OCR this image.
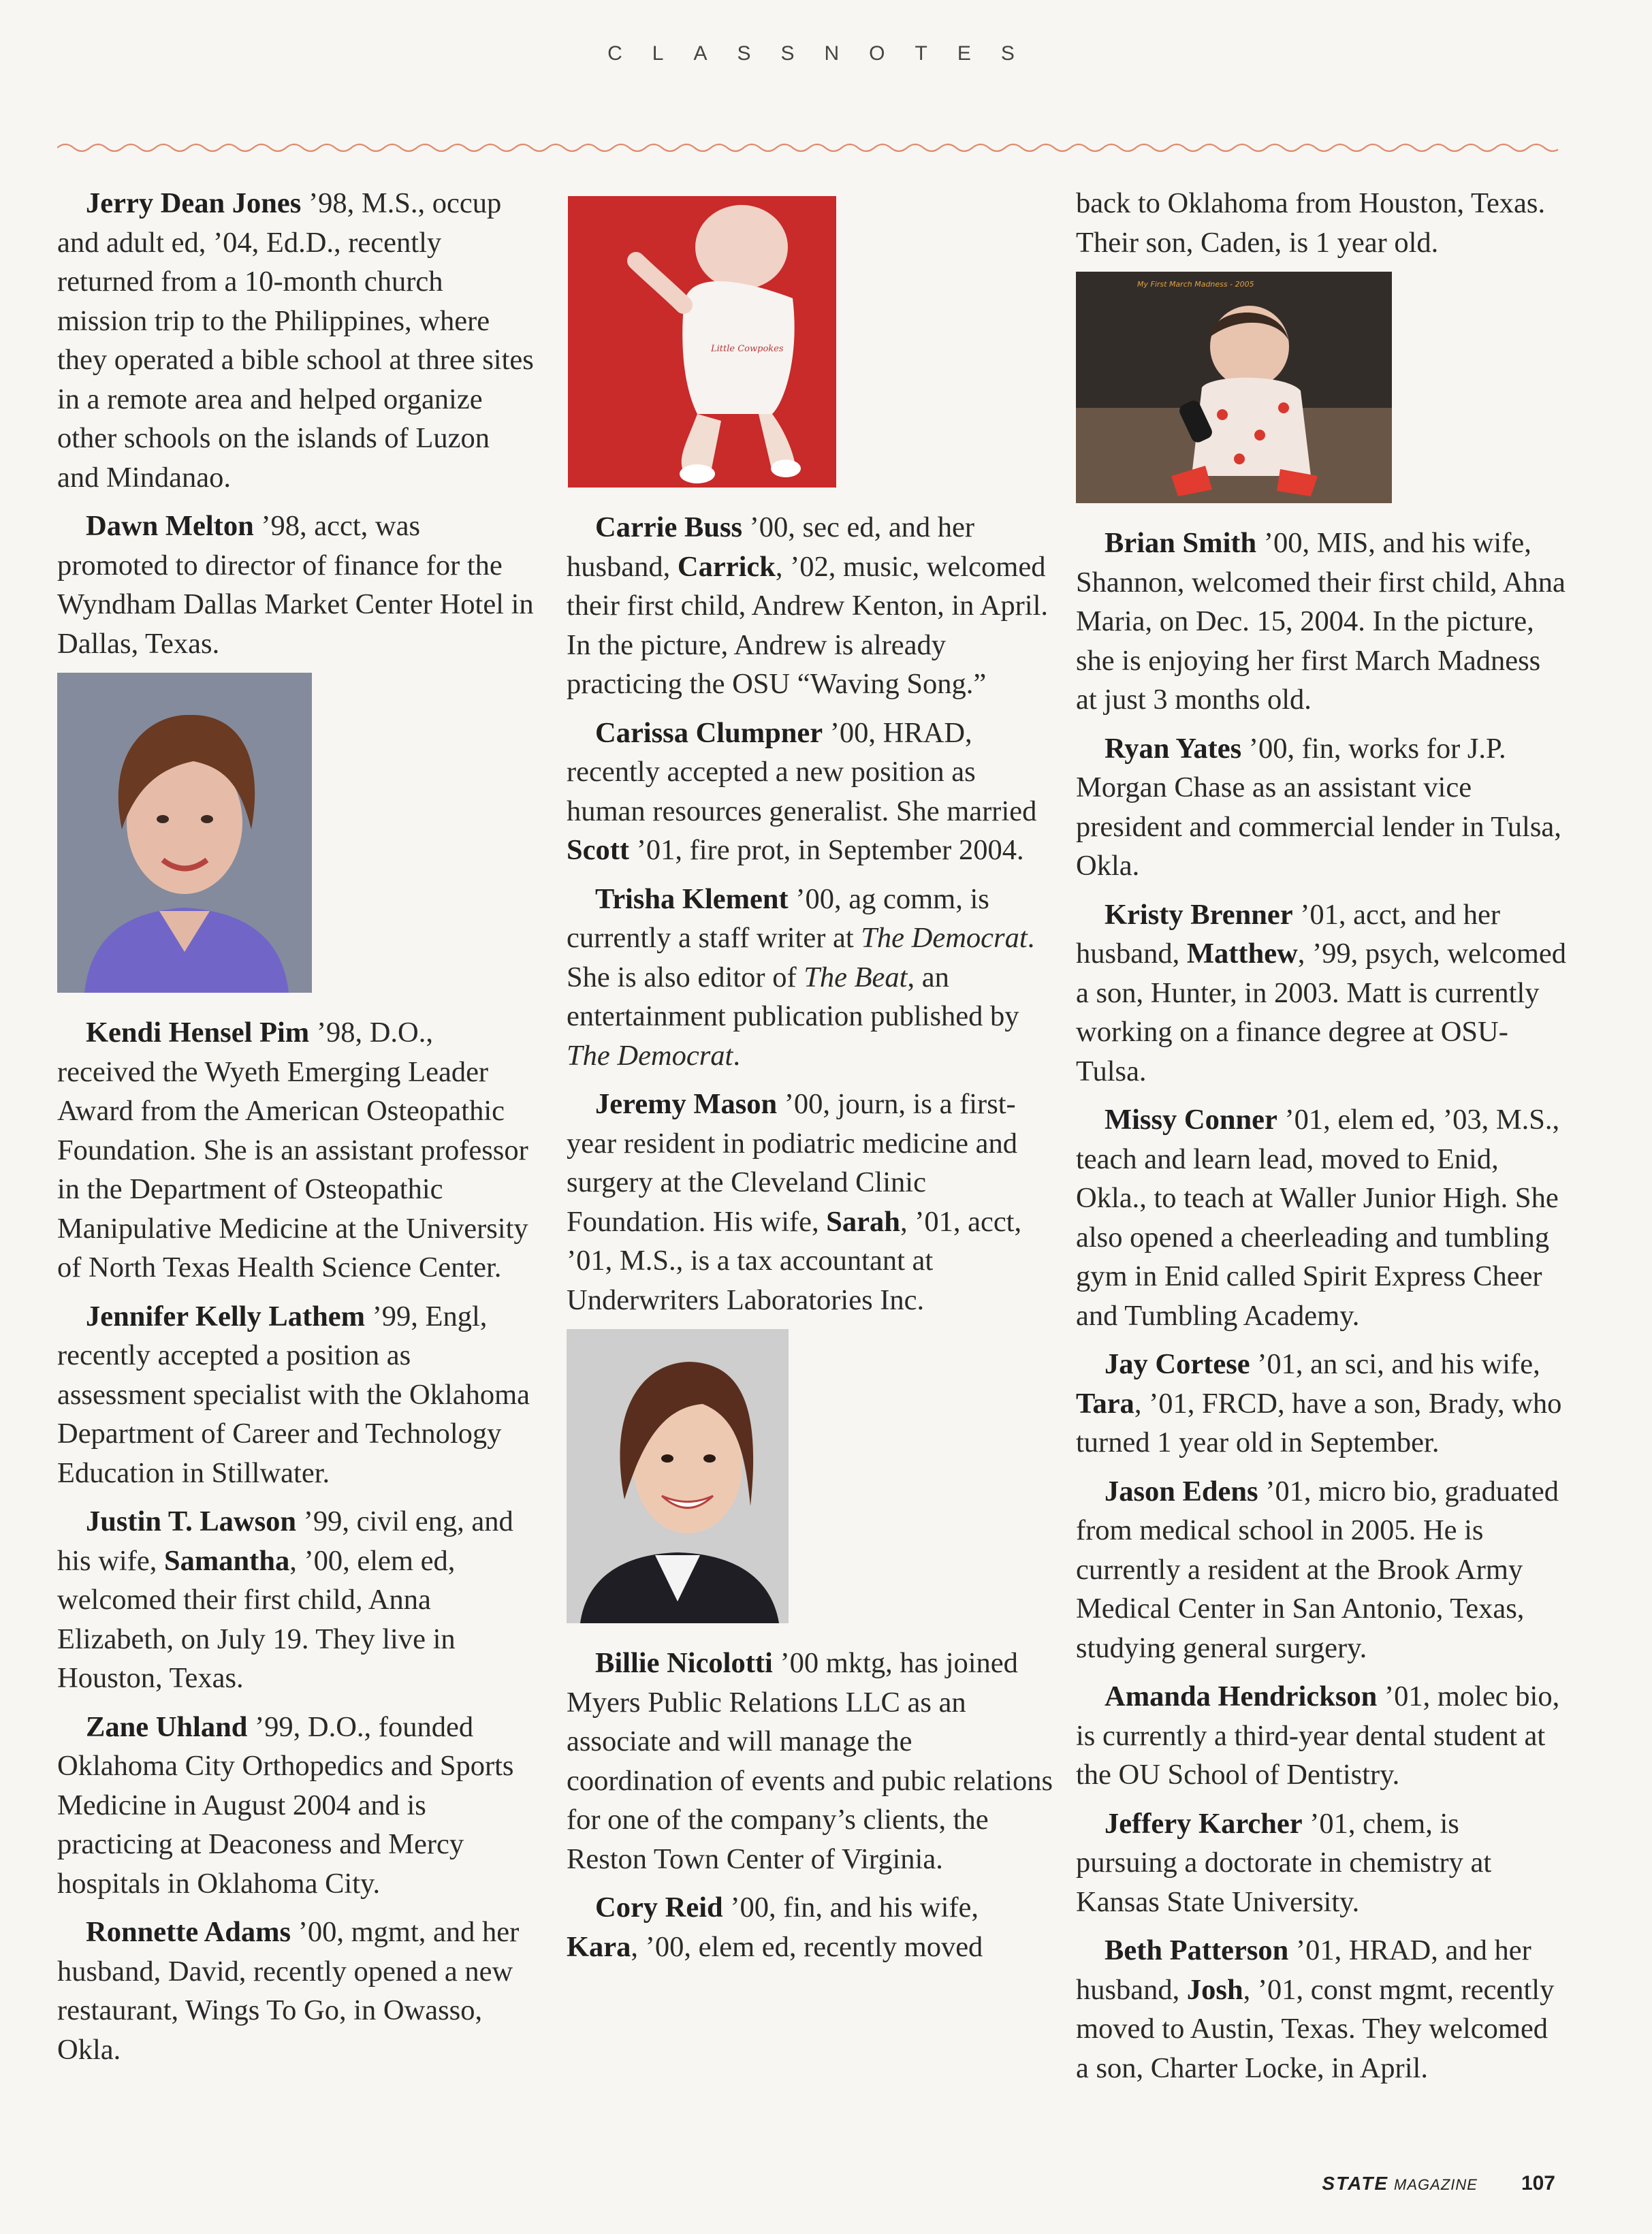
CLASSNOTES

Jerry Dean Jones ’98, M.S., occup and adult ed, ’04, Ed.D., recently returned from a 10-month church mission trip to the Philippines, where they operated a bible school at three sites in a remote area and helped organize other schools on the islands of Luzon and Mindanao.

Dawn Melton ’98, acct, was promoted to director of finance for the Wyndham Dallas Market Center Hotel in Dallas, Texas.

Kendi Hensel Pim ’98, D.O., received the Wyeth Emerging Leader Award from the American Osteopathic Foundation. She is an assistant professor in the Department of Osteopathic Manipulative Medicine at the University of North Texas Health Science Center.

Jennifer Kelly Lathem ’99, Engl, recently accepted a position as assessment specialist with the Oklahoma Department of Career and Technology Education in Stillwater.

Justin T. Lawson ’99, civil eng, and his wife, Samantha, ’00, elem ed, welcomed their first child, Anna Elizabeth, on July 19. They live in Houston, Texas.

Zane Uhland ’99, D.O., founded Oklahoma City Orthopedics and Sports Medicine in August 2004 and is practicing at Deaconess and Mercy hospitals in Oklahoma City.

Ronnette Adams ’00, mgmt, and her husband, David, recently opened a new restaurant, Wings To Go, in Owasso, Okla.

Little Cowpokes

Carrie Buss ’00, sec ed, and her husband, Carrick, ’02, music, welcomed their first child, Andrew Kenton, in April. In the picture, Andrew is already practicing the OSU “Waving Song.”

Carissa Clumpner ’00, HRAD, recently accepted a new position as human resources generalist. She married Scott ’01, fire prot, in September 2004.

Trisha Klement ’00, ag comm, is currently a staff writer at The Democrat. She is also editor of The Beat, an entertainment publication published by The Democrat.

Jeremy Mason ’00, journ, is a first-year resident in podiatric medicine and surgery at the Cleveland Clinic Foundation. His wife, Sarah, ’01, acct, ’01, M.S., is a tax accountant at Underwriters Laboratories Inc.

Billie Nicolotti ’00 mktg, has joined Myers Public Relations LLC as an associate and will manage the coordination of events and pubic relations for one of the company’s clients, the Reston Town Center of Virginia.

Cory Reid ’00, fin, and his wife, Kara, ’00, elem ed, recently moved

back to Oklahoma from Houston, Texas. Their son, Caden, is 1 year old.

My First March Madness - 2005

Brian Smith ’00, MIS, and his wife, Shannon, welcomed their first child, Ahna Maria, on Dec. 15, 2004. In the picture, she is enjoying her first March Madness at just 3 months old.

Ryan Yates ’00, fin, works for J.P. Morgan Chase as an assistant vice president and commercial lender in Tulsa, Okla.

Kristy Brenner ’01, acct, and her husband, Matthew, ’99, psych, welcomed a son, Hunter, in 2003. Matt is currently working on a finance degree at OSU-Tulsa.

Missy Conner ’01, elem ed, ’03, M.S., teach and learn lead, moved to Enid, Okla., to teach at Waller Junior High. She also opened a cheerleading and tumbling gym in Enid called Spirit Express Cheer and Tumbling Academy.

Jay Cortese ’01, an sci, and his wife, Tara, ’01, FRCD, have a son, Brady, who turned 1 year old in September.

Jason Edens ’01, micro bio, graduated from medical school in 2005. He is currently a resident at the Brook Army Medical Center in San Antonio, Texas, studying general surgery.

Amanda Hendrickson ’01, molec bio, is currently a third-year dental student at the OU School of Dentistry.

Jeffery Karcher ’01, chem, is pursuing a doctorate in chemistry at Kansas State University.

Beth Patterson ’01, HRAD, and her husband, Josh, ’01, const mgmt, recently moved to Austin, Texas. They welcomed a son, Charter Locke, in April.

STATE MAGAZINE 107
